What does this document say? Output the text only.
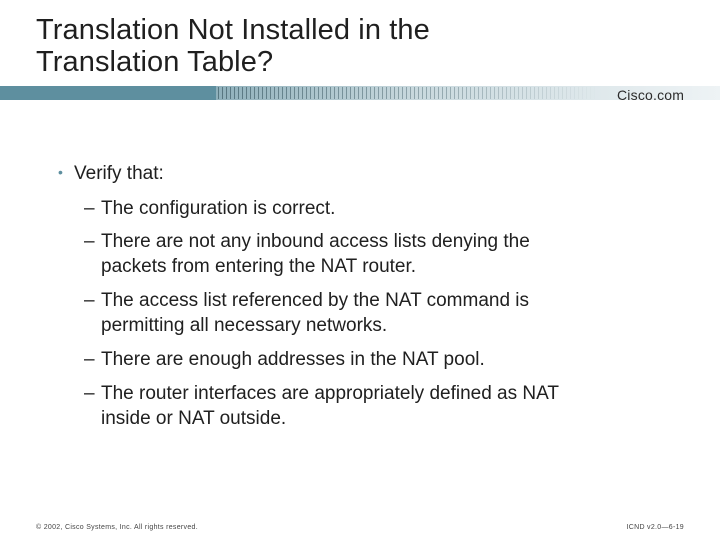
Translation Not Installed in the
Translation Table?
Cisco.com
• Verify that:
– The configuration is correct.
– There are not any inbound access lists denying the
packets from entering the NAT router.
– The access list referenced by the NAT command is
permitting all necessary networks.
– There are enough addresses in the NAT pool.
– The router interfaces are appropriately defined as NAT
inside or NAT outside.
© 2002, Cisco Systems, Inc. All rights reserved.	ICND v2.0—6-19
